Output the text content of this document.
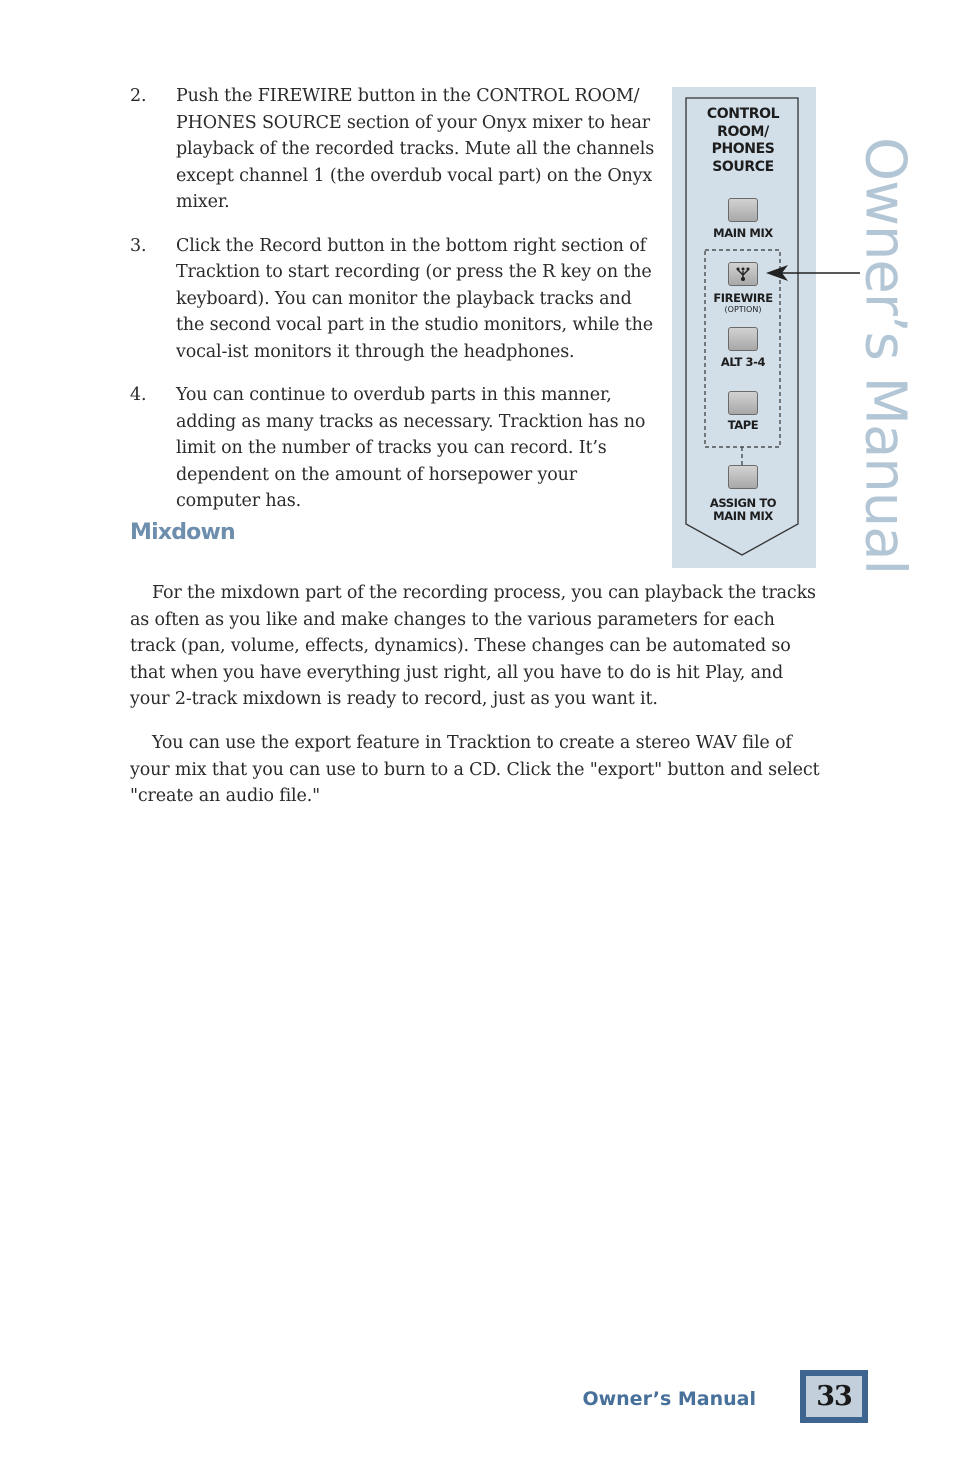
2. Push the FIREWIRE button in the CONTROL ROOM/ PHONES SOURCE section of your Onyx mixer to hear playback of the recorded tracks. Mute all the channels except channel 1 (the overdub vocal part) on the Onyx mixer.
3. Click the Record button in the bottom right section of Tracktion to start recording (or press the R key on the keyboard). You can monitor the playback tracks and the second vocal part in the studio monitors, while the vocal-ist monitors it through the headphones.
4. You can continue to overdub parts in this manner, adding as many tracks as necessary. Tracktion has no limit on the number of tracks you can record. It’s dependent on the amount of horsepower your computer has.
Mixdown

For the mixdown part of the recording process, you can playback the tracks as often as you like and make changes to the various parameters for each track (pan, volume, effects, dynamics). These changes can be automated so that when you have everything just right, all you have to do is hit Play, and your 2-track mixdown is ready to record, just as you want it.

You can use the export feature in Tracktion to create a stereo WAV file of your mix that you can use to burn to a CD. Click the "export" button and select "create an audio file."

CONTROL
ROOM/
PHONES
SOURCE
MAIN MIX
FIREWIRE
(OPTION)
ALT 3-4
TAPE
ASSIGN TO
MAIN MIX	Owner’s Manual
Owner’s Manual	33
